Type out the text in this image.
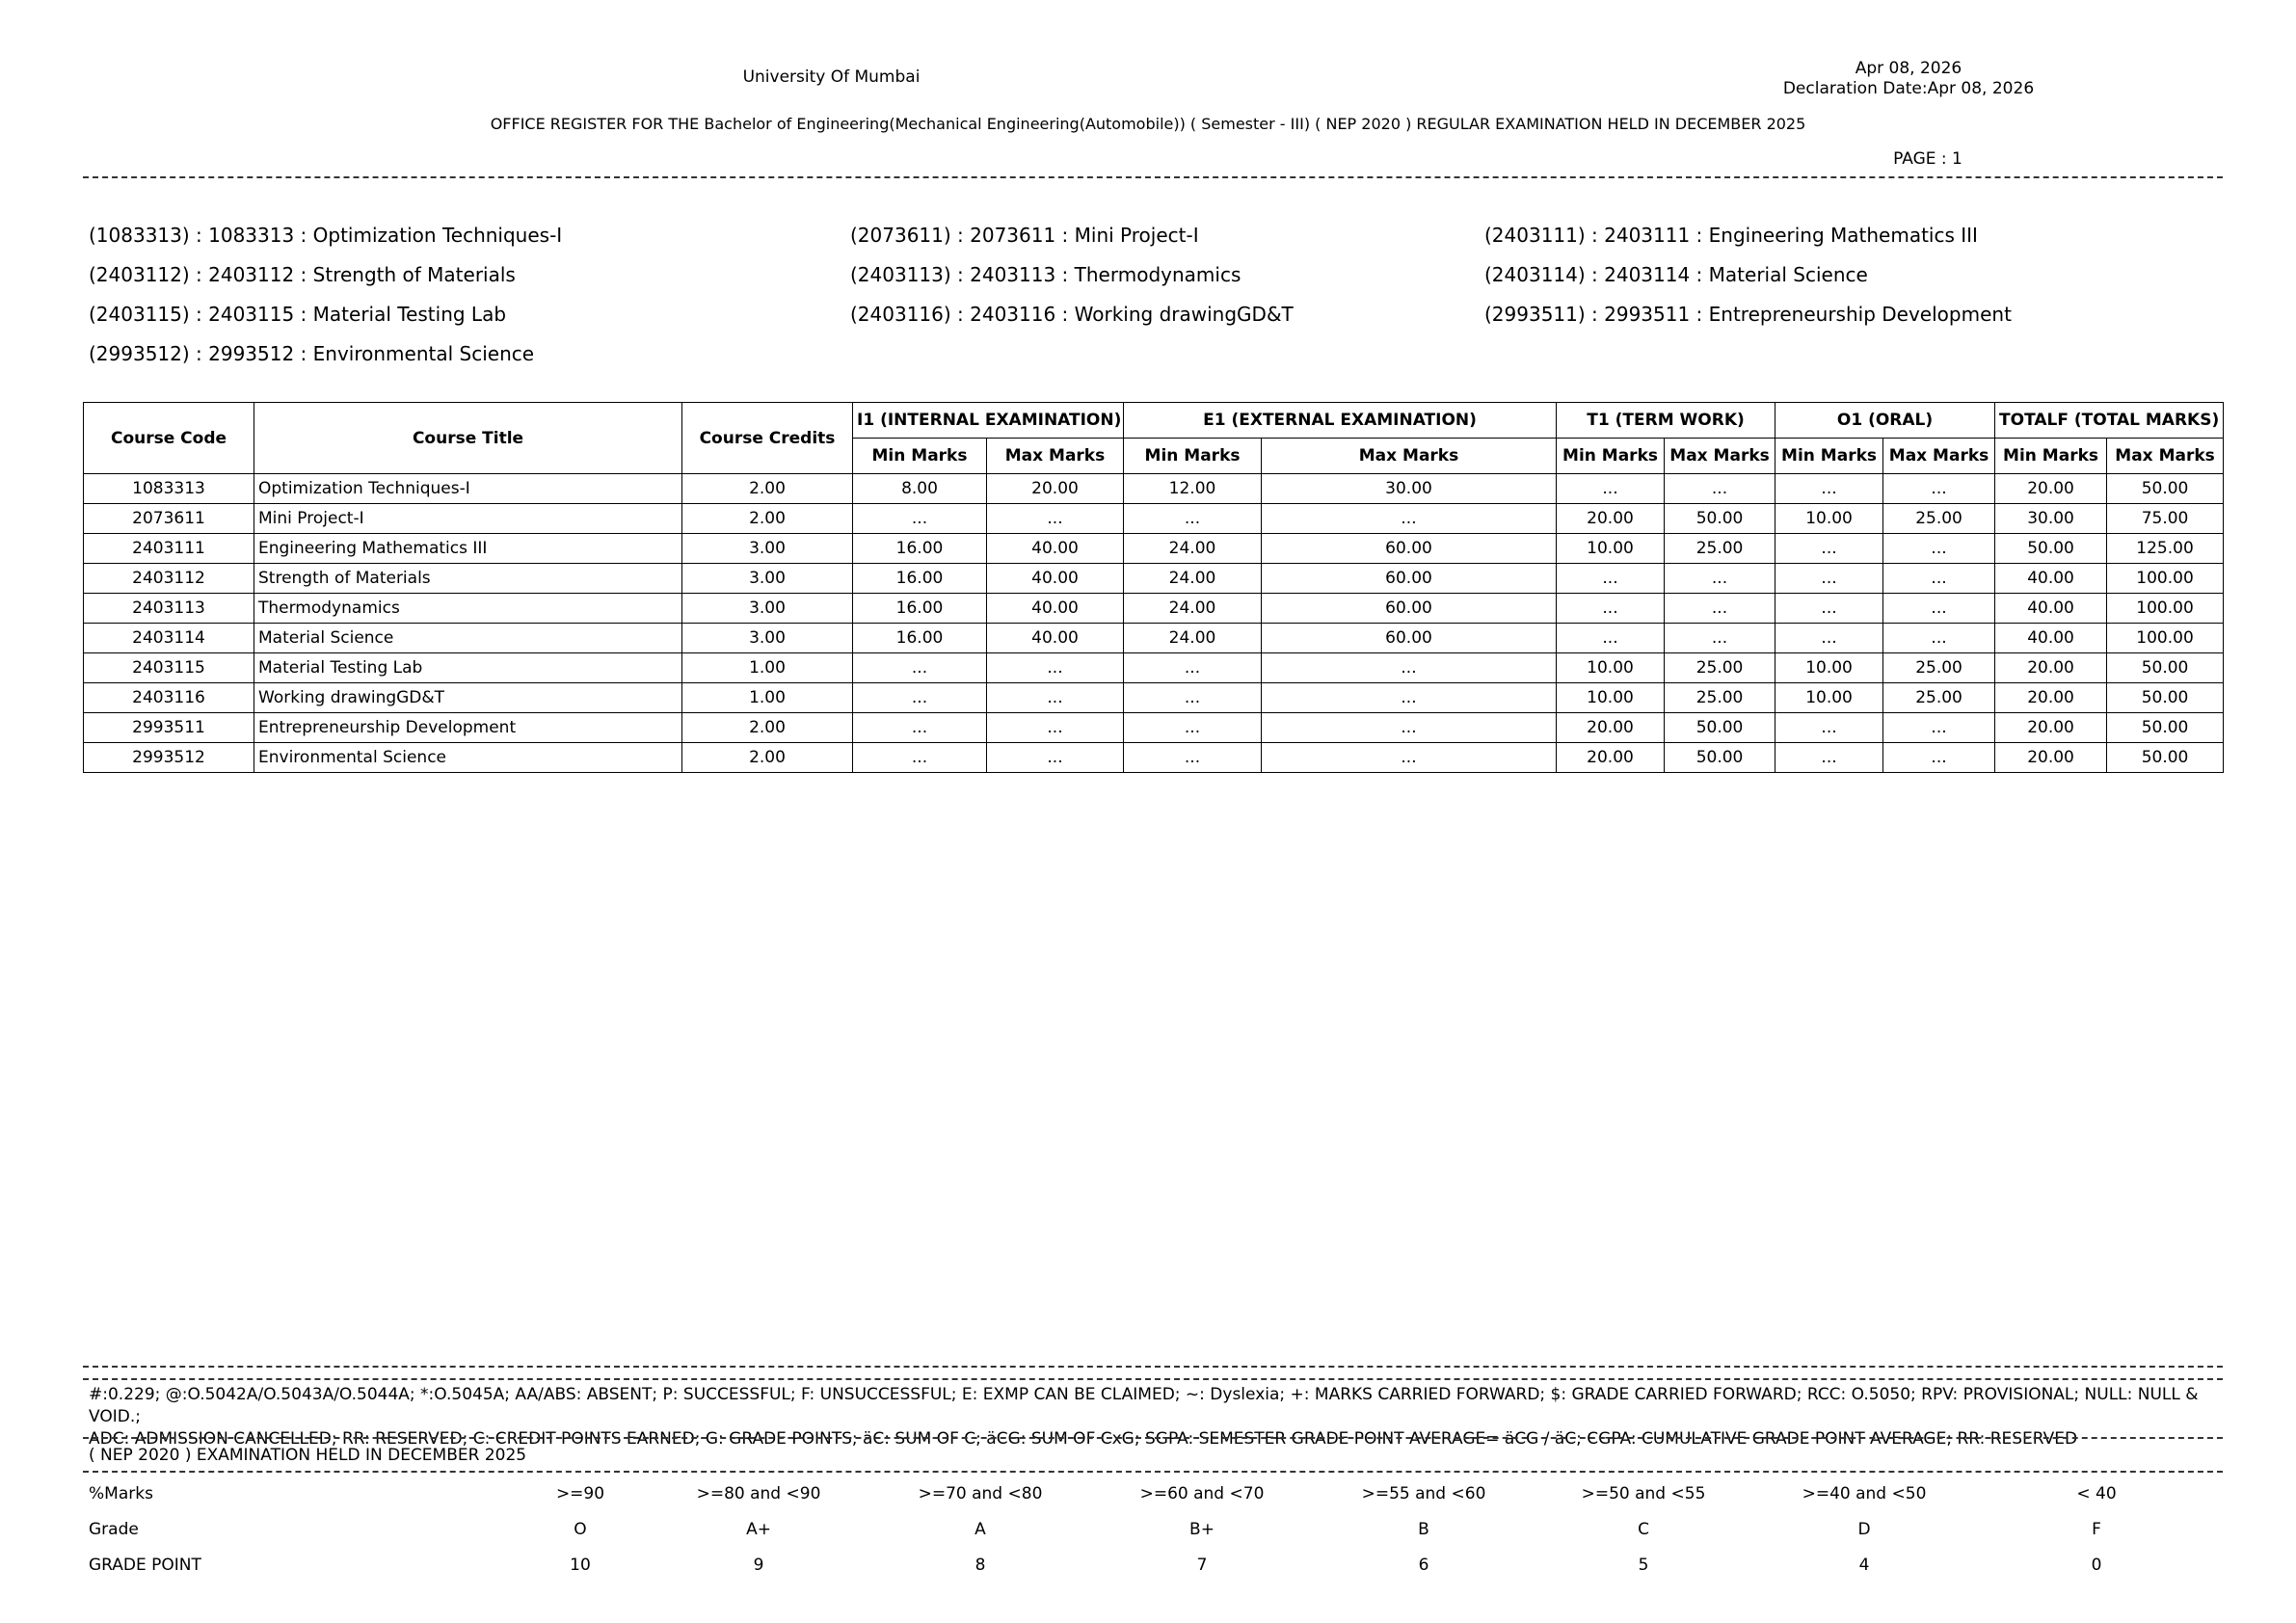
University Of Mumbai	Apr 08, 2026
Declaration Date:Apr 08, 2026
OFFICE REGISTER FOR THE Bachelor of Engineering(Mechanical Engineering(Automobile)) ( Semester - III) ( NEP 2020 ) REGULAR EXAMINATION HELD IN DECEMBER 2025
PAGE : 1
(1083313) : 1083313 : Optimization Techniques-I	(2073611) : 2073611 : Mini Project-I	(2403111) : 2403111 : Engineering Mathematics III
(2403112) : 2403112 : Strength of Materials	(2403113) : 2403113 : Thermodynamics	(2403114) : 2403114 : Material Science
(2403115) : 2403115 : Material Testing Lab	(2403116) : 2403116 : Working drawingGD&T	(2993511) : 2993511 : Entrepreneurship Development
(2993512) : 2993512 : Environmental Science
Course Code	Course Title	Course Credits	I1 (INTERNAL EXAMINATION)		E1 (EXTERNAL EXAMINATION)		T1 (TERM WORK)		O1 (ORAL)		TOTALF (TOTAL MARKS)	
			Min Marks	Max Marks	Min Marks	Max Marks	Min Marks	Max Marks	Min Marks	Max Marks	Min Marks	Max Marks
1083313	Optimization Techniques-I	2.00	8.00	20.00	12.00	30.00	...	...	...	...	20.00	50.00
2073611	Mini Project-I	2.00	...	...	...	...	20.00	50.00	10.00	25.00	30.00	75.00
2403111	Engineering Mathematics III	3.00	16.00	40.00	24.00	60.00	10.00	25.00	...	...	50.00	125.00
2403112	Strength of Materials	3.00	16.00	40.00	24.00	60.00	...	...	...	...	40.00	100.00
2403113	Thermodynamics	3.00	16.00	40.00	24.00	60.00	...	...	...	...	40.00	100.00
2403114	Material Science	3.00	16.00	40.00	24.00	60.00	...	...	...	...	40.00	100.00
2403115	Material Testing Lab	1.00	...	...	...	...	10.00	25.00	10.00	25.00	20.00	50.00
2403116	Working drawingGD&T	1.00	...	...	...	...	10.00	25.00	10.00	25.00	20.00	50.00
2993511	Entrepreneurship Development	2.00	...	...	...	...	20.00	50.00	...	...	20.00	50.00
2993512	Environmental Science	2.00	...	...	...	...	20.00	50.00	...	...	20.00	50.00
#:0.229; @:O.5042A/O.5043A/O.5044A; *:O.5045A; AA/ABS: ABSENT; P: SUCCESSFUL; F: UNSUCCESSFUL; E: EXMP CAN BE CLAIMED; ~: Dyslexia; +: MARKS CARRIED FORWARD; $: GRADE CARRIED FORWARD; RCC: O.5050; RPV: PROVISIONAL; NULL: NULL & VOID.;
ADC: ADMISSION CANCELLED; RR: RESERVED; C: CREDIT POINTS EARNED; G: GRADE POINTS; äC: SUM OF C; äCG: SUM OF CxG; SGPA: SEMESTER GRADE POINT AVERAGE= äCG / äC; CGPA: CUMULATIVE GRADE POINT AVERAGE; RR: RESERVED
( NEP 2020 ) EXAMINATION HELD IN DECEMBER 2025
%Marks	>=90	>=80 and <90	>=70 and <80	>=60 and <70	>=55 and <60	>=50 and <55	>=40 and <50	< 40
Grade	O	A+	A	B+	B	C	D	F
GRADE POINT	10	9	8	7	6	5	4	0
